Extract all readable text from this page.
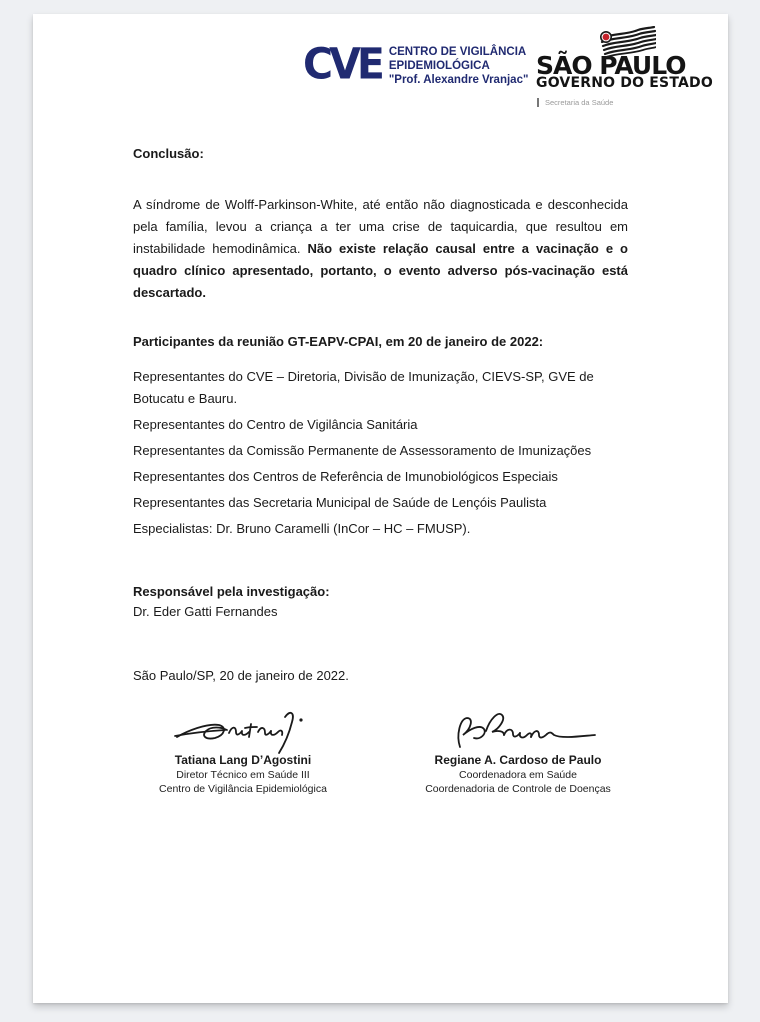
CVE CENTRO DE VIGILÂNCIA
EPIDEMIOLÓGICA
"Prof. Alexandre Vranjac" SÃO PAULO
GOVERNO DO ESTADO
Secretaria da Saúde
Conclusão:
A síndrome de Wolff-Parkinson-White, até então não diagnosticada e desconhecida pela família, levou a criança a ter uma crise de taquicardia, que resultou em instabilidade hemodinâmica. Não existe relação causal entre a vacinação e o quadro clínico apresentado, portanto, o evento adverso pós-vacinação está descartado.
Participantes da reunião GT-EAPV-CPAI, em 20 de janeiro de 2022:
Representantes do CVE – Diretoria, Divisão de Imunização, CIEVS-SP, GVE de Botucatu e Bauru.
Representantes do Centro de Vigilância Sanitária
Representantes da Comissão Permanente de Assessoramento de Imunizações
Representantes dos Centros de Referência de Imunobiológicos Especiais
Representantes das Secretaria Municipal de Saúde de Lençóis Paulista
Especialistas: Dr. Bruno Caramelli (InCor – HC – FMUSP).
Responsável pela investigação:
Dr. Eder Gatti Fernandes
São Paulo/SP, 20 de janeiro de 2022.
Tatiana Lang D’Agostini
Diretor Técnico em Saúde III
Centro de Vigilância Epidemiológica
Regiane A. Cardoso de Paulo
Coordenadora em Saúde
Coordenadoria de Controle de Doenças
